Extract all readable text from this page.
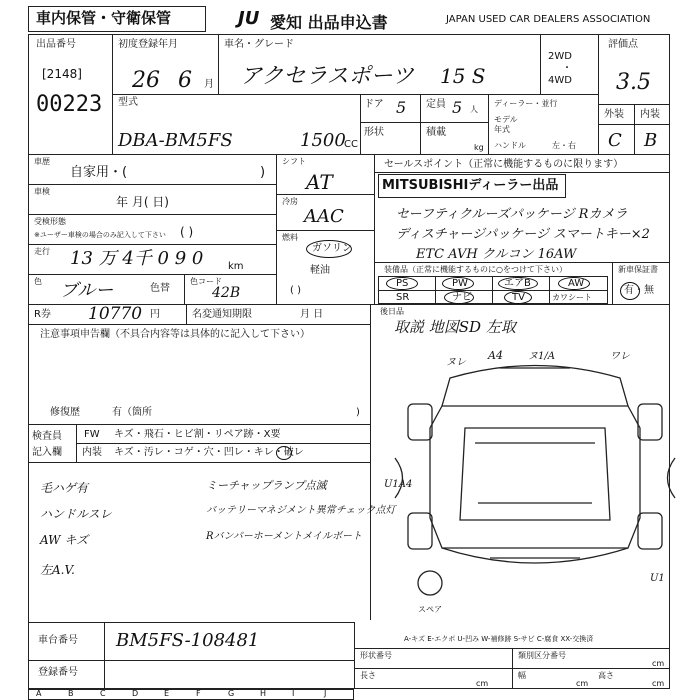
車内保管・守衛保管	JU 愛知 出品申込書	JAPAN USED CAR DEALERS ASSOCIATION
出品番号
[2148]
00223
初度登録年月
26 6 月
車名・グレード
アクセラスポーツ 15 S
2WD
・
4WD
評価点
3.5
外装 内装
C B
型式
DBA-BM5FS	1500
CC
ドア 5 定員 5 人
形状	積載
kg
ディーラー・並行
モデル
年式
ハンドル	左・右
車歴
自家用・(	)
車検
年 月( 日)
受検形態
※ユーザー車検の場合のみ記入して下さい ( )
走行 13 万 4千 0 9 0 km
色 ブルー	色替
色コード
42B
シフト
AT
冷房
AAC
燃料
ガソリン
軽油
( )
セールスポイント（正常に機能するものに限ります）
MITSUBISHIディーラー出品
セーフティクルーズパッケージ Rカメラ
ディスチャージパッケージ スマートキー×2
ETC AVH クルコン 16AW
装備品（正常に機能するものに○をつけて下さい）	新車保証書
有・無
PS	PW	エアB	AW
SR	ナビ	TV	カワシート
R券 10770 円	名変通知期限	月 日	後日品
取説 地図SD 左取
注意事項申告欄（不具合内容等は具体的に記入して下さい）
修復歴	有（箇所	)
検査員
記入欄
FW キズ・飛石・ヒビ割・リペア跡・X要
内装 キズ・汚レ・コゲ・穴・凹レ・キレ・破レ
毛ハゲ有
ハンドルスレ
AW キズ
左A.V.
ミーチャップランプ点滅
バッテリーマネジメント異常チェック点灯
Rバンパーホーメントメイルボート
ヌレ
A4	ヌ1/A	ワレ
U1A4
U1
スペア
A-キズ E-エクボ U-凹み W-補修跡 S-サビ C-腐食 XX-交換済
車台番号 BM5FS-108481
登録番号
形状番号	類別区分番号
長さ
cm
幅
cm
高さ
cm
cm
A	B	C	D	E	F	G	H	I	J
